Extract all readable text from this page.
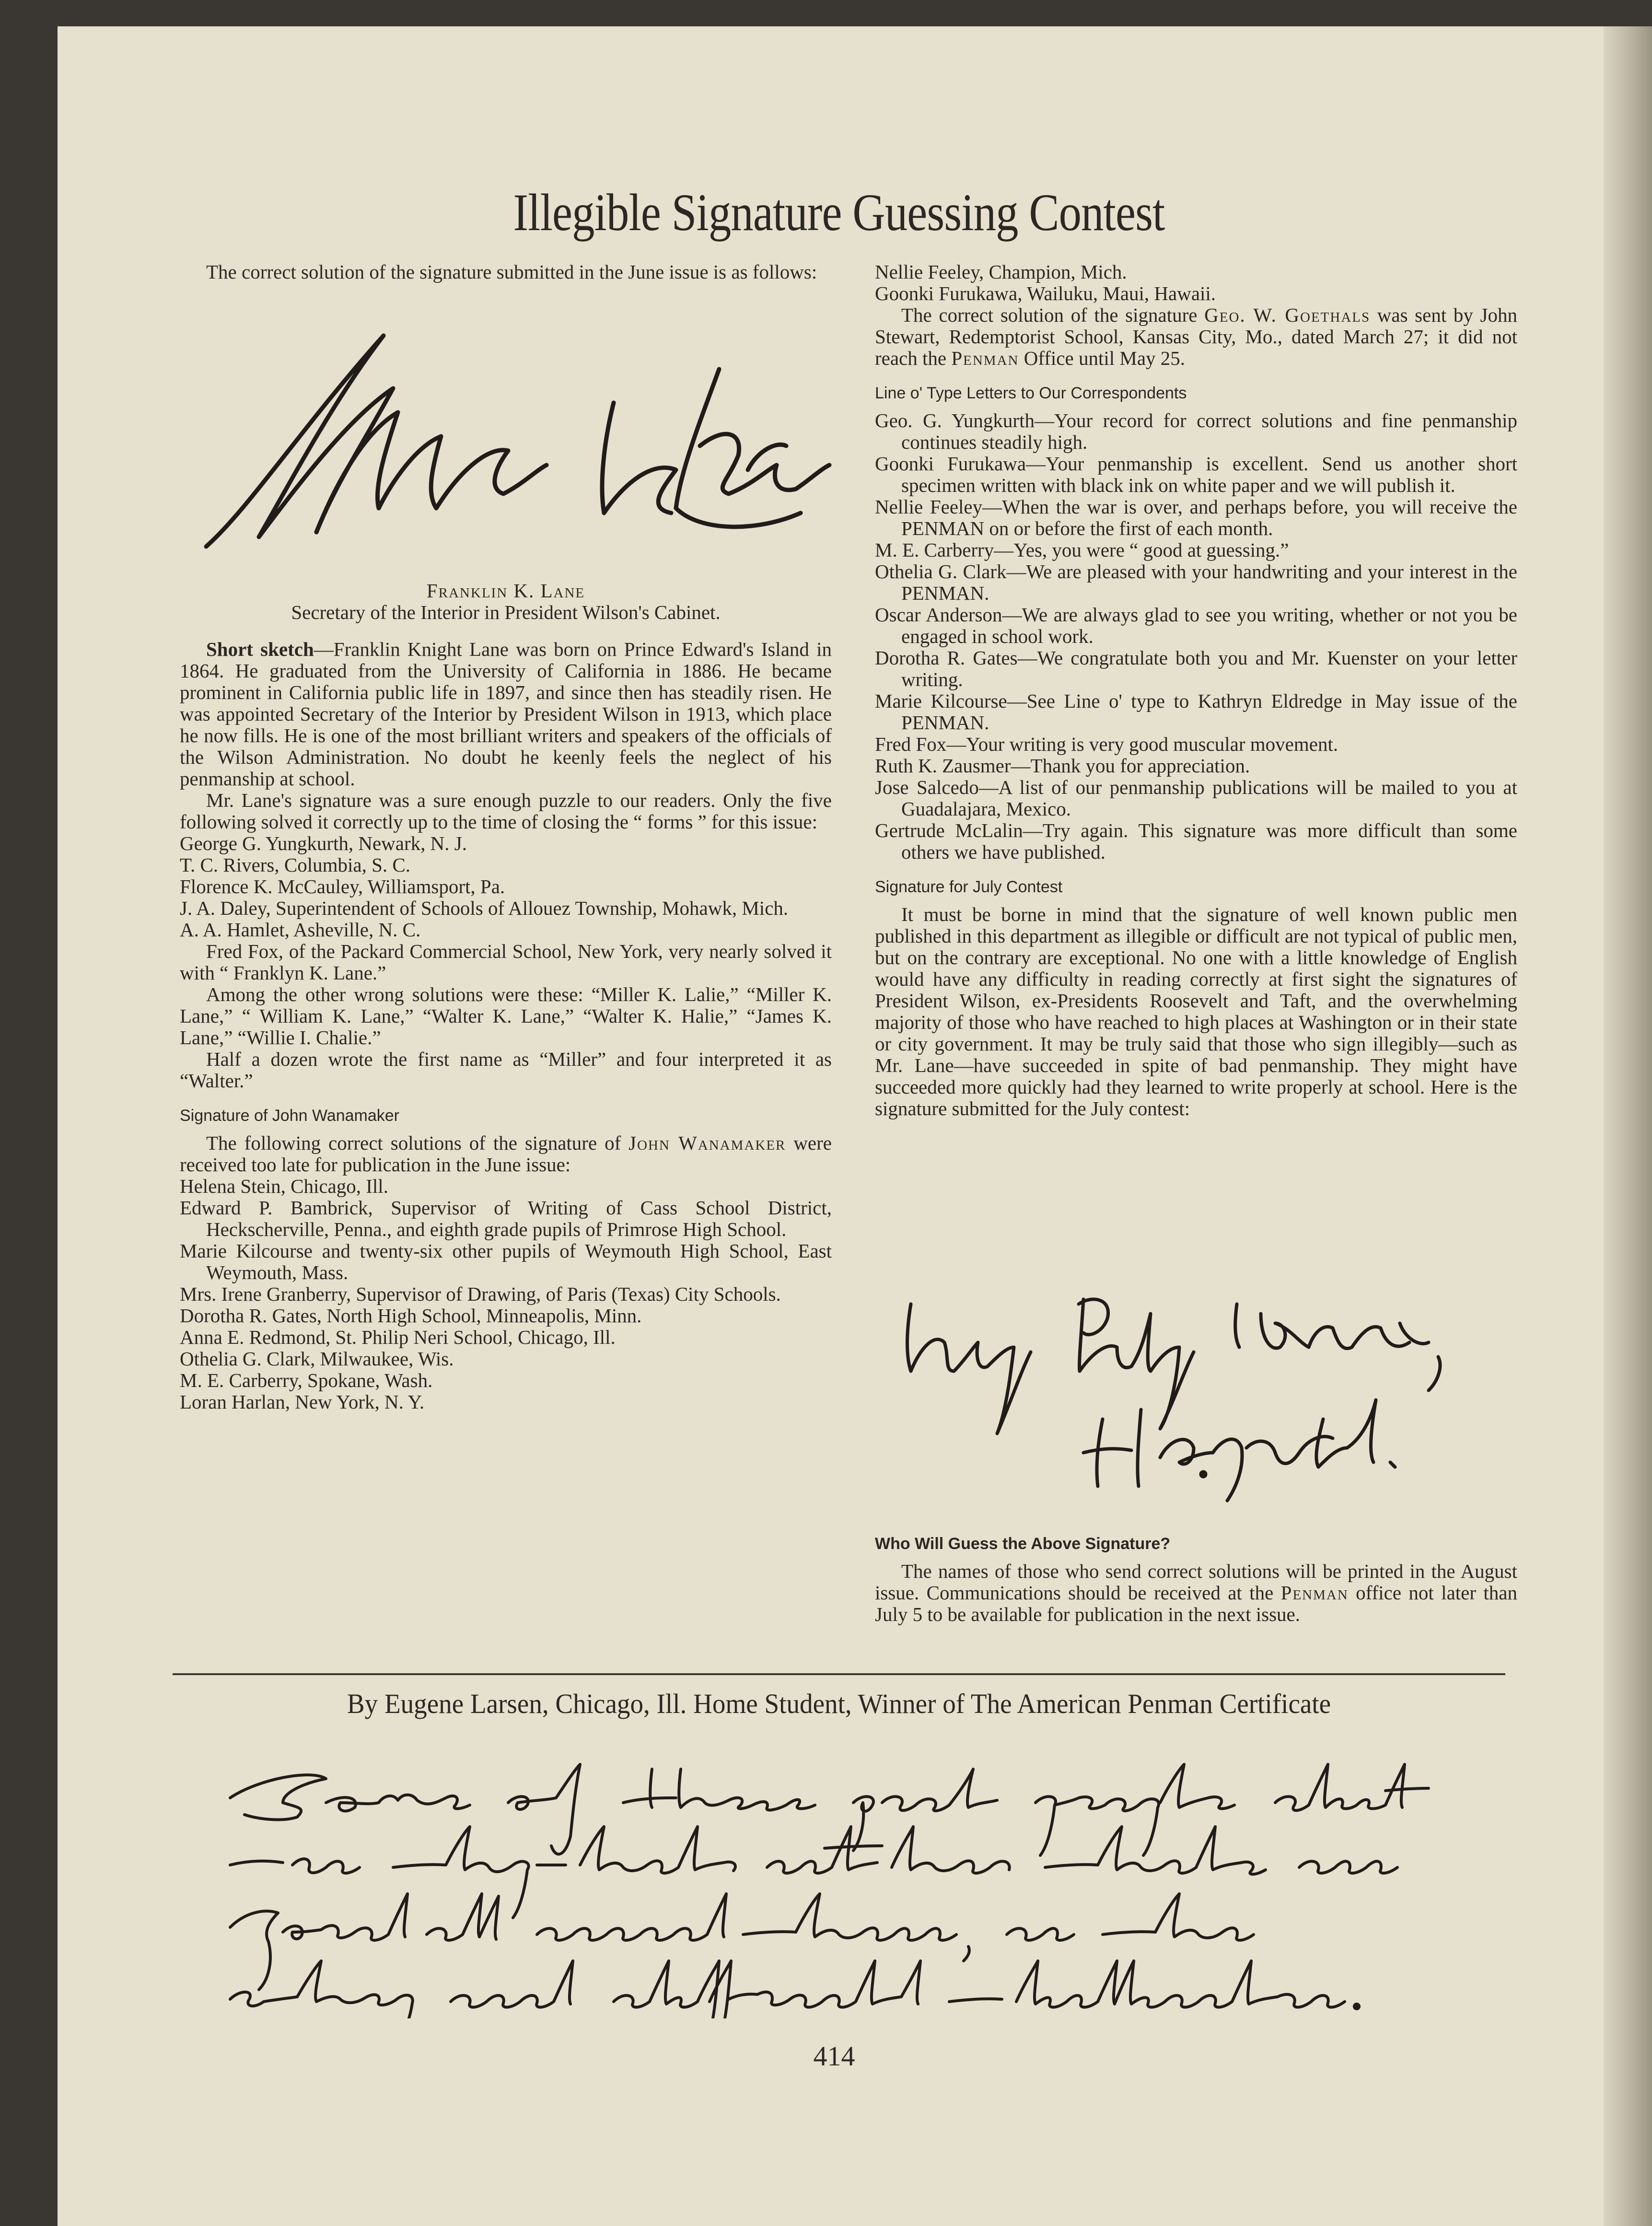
Illegible Signature Guessing Contest

The correct solution of the signature submitted in the June issue is as follows:

Franklin K. Lane

Secretary of the Interior in President Wilson's Cabinet.

Short sketch—Franklin Knight Lane was born on Prince Edward's Island in 1864. He graduated from the University of California in 1886. He became prominent in California public life in 1897, and since then has steadily risen. He was appointed Secretary of the Interior by President Wilson in 1913, which place he now fills. He is one of the most brilliant writers and speakers of the officials of the Wilson Administration. No doubt he keenly feels the neglect of his penmanship at school.

Mr. Lane's signature was a sure enough puzzle to our readers. Only the five following solved it correctly up to the time of closing the “ forms ” for this issue:

George G. Yungkurth, Newark, N. J.

T. C. Rivers, Columbia, S. C.

Florence K. McCauley, Williamsport, Pa.

J. A. Daley, Superintendent of Schools of Allouez Township, Mohawk, Mich.

A. A. Hamlet, Asheville, N. C.

Fred Fox, of the Packard Commercial School, New York, very nearly solved it with “ Franklyn K. Lane.”

Among the other wrong solutions were these: “Miller K. Lalie,” “Miller K. Lane,” “ William K. Lane,” “Walter K. Lane,” “Walter K. Halie,” “James K. Lane,” “Willie I. Chalie.”

Half a dozen wrote the first name as “Miller” and four interpreted it as “Walter.”

Signature of John Wanamaker

The following correct solutions of the signature of John Wanamaker were received too late for publication in the June issue:

Helena Stein, Chicago, Ill.

Edward P. Bambrick, Supervisor of Writing of Cass School District, Heckscherville, Penna., and eighth grade pupils of Primrose High School.

Marie Kilcourse and twenty-six other pupils of Weymouth High School, East Weymouth, Mass.

Mrs. Irene Granberry, Supervisor of Drawing, of Paris (Texas) City Schools.

Dorotha R. Gates, North High School, Minneapolis, Minn.

Anna E. Redmond, St. Philip Neri School, Chicago, Ill.

Othelia G. Clark, Milwaukee, Wis.

M. E. Carberry, Spokane, Wash.

Loran Harlan, New York, N. Y.

Nellie Feeley, Champion, Mich.

Goonki Furukawa, Wailuku, Maui, Hawaii.

The correct solution of the signature Geo. W. Goethals was sent by John Stewart, Redemptorist School, Kansas City, Mo., dated March 27; it did not reach the Penman Office until May 25.

Line o' Type Letters to Our Correspondents

Geo. G. Yungkurth—Your record for correct solutions and fine penmanship continues steadily high.

Goonki Furukawa—Your penmanship is excellent. Send us another short specimen written with black ink on white paper and we will publish it.

Nellie Feeley—When the war is over, and perhaps before, you will receive the PENMAN on or before the first of each month.

M. E. Carberry—Yes, you were “ good at guessing.”

Othelia G. Clark—We are pleased with your handwriting and your interest in the PENMAN.

Oscar Anderson—We are always glad to see you writing, whether or not you be engaged in school work.

Dorotha R. Gates—We congratulate both you and Mr. Kuenster on your letter writing.

Marie Kilcourse—See Line o' type to Kathryn Eldredge in May issue of the PENMAN.

Fred Fox—Your writing is very good muscular movement.

Ruth K. Zausmer—Thank you for appreciation.

Jose Salcedo—A list of our penmanship publications will be mailed to you at Guadalajara, Mexico.

Gertrude McLalin—Try again. This signature was more difficult than some others we have published.

Signature for July Contest

It must be borne in mind that the signature of well known public men published in this department as illegible or difficult are not typical of public men, but on the contrary are exceptional. No one with a little knowledge of English would have any difficulty in reading correctly at first sight the signatures of President Wilson, ex-Presidents Roosevelt and Taft, and the overwhelming majority of those who have reached to high places at Washington or in their state or city government. It may be truly said that those who sign illegibly—such as Mr. Lane—have succeeded in spite of bad penmanship. They might have succeeded more quickly had they learned to write properly at school. Here is the signature submitted for the July contest:

Who Will Guess the Above Signature?

The names of those who send correct solutions will be printed in the August issue. Communications should be received at the Penman office not later than July 5 to be available for publication in the next issue.

By Eugene Larsen, Chicago, Ill. Home Student, Winner of The American Penman Certificate
414
